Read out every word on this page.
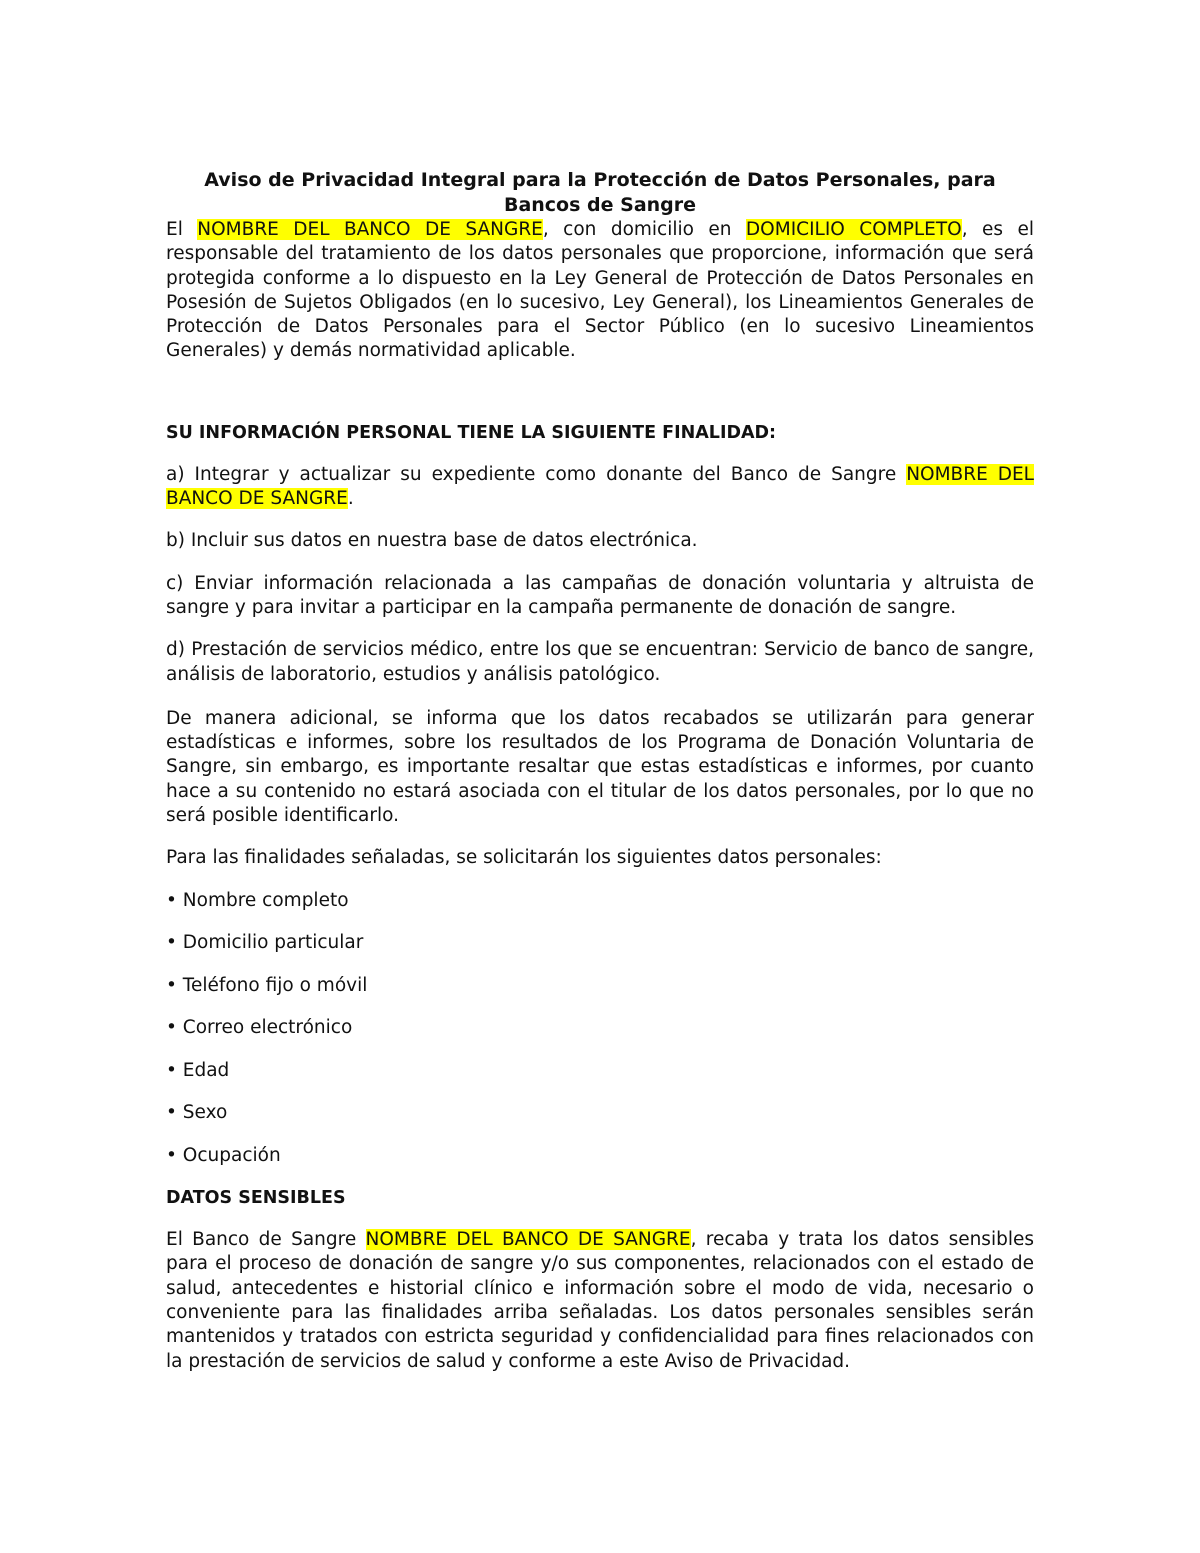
Aviso de Privacidad Integral para la Protección de Datos Personales, para Bancos de Sangre

El NOMBRE DEL BANCO DE SANGRE, con domicilio en DOMICILIO COMPLETO, es el responsable del tratamiento de los datos personales que proporcione, información que será protegida conforme a lo dispuesto en la Ley General de Protección de Datos Personales en Posesión de Sujetos Obligados (en lo sucesivo, Ley General), los Lineamientos Generales de Protección de Datos Personales para el Sector Público (en lo sucesivo Lineamientos Generales) y demás normatividad aplicable.

SU INFORMACIÓN PERSONAL TIENE LA SIGUIENTE FINALIDAD:

a) Integrar y actualizar su expediente como donante del Banco de Sangre NOMBRE DEL BANCO DE SANGRE.

b) Incluir sus datos en nuestra base de datos electrónica.

c) Enviar información relacionada a las campañas de donación voluntaria y altruista de sangre y para invitar a participar en la campaña permanente de donación de sangre.

d) Prestación de servicios médico, entre los que se encuentran: Servicio de banco de sangre, análisis de laboratorio, estudios y análisis patológico.

De manera adicional, se informa que los datos recabados se utilizarán para generar estadísticas e informes, sobre los resultados de los Programa de Donación Voluntaria de Sangre, sin embargo, es importante resaltar que estas estadísticas e informes, por cuanto hace a su contenido no estará asociada con el titular de los datos personales, por lo que no será posible identificarlo.

Para las finalidades señaladas, se solicitarán los siguientes datos personales:

• Nombre completo

• Domicilio particular

• Teléfono fijo o móvil

• Correo electrónico

• Edad

• Sexo

• Ocupación

DATOS SENSIBLES

El Banco de Sangre NOMBRE DEL BANCO DE SANGRE, recaba y trata los datos sensibles para el proceso de donación de sangre y/o sus componentes, relacionados con el estado de salud, antecedentes e historial clínico e información sobre el modo de vida, necesario o conveniente para las finalidades arriba señaladas. Los datos personales sensibles serán mantenidos y tratados con estricta seguridad y confidencialidad para fines relacionados con la prestación de servicios de salud y conforme a este Aviso de Privacidad.
